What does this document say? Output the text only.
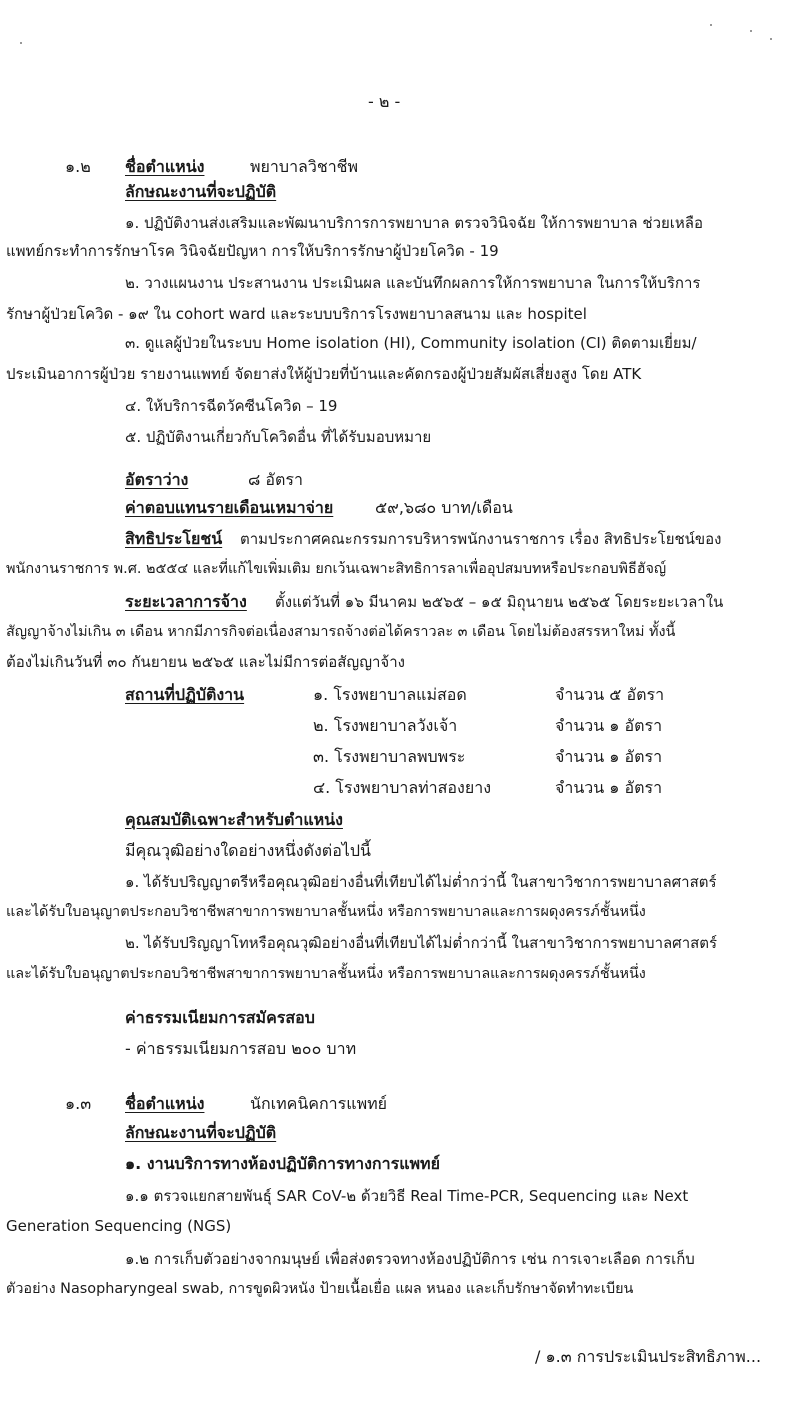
- ๒ -
๑.๒ ชื่อตำแหน่ง	พยาบาลวิชาชีพ
ลักษณะงานที่จะปฏิบัติ
๑. ปฏิบัติงานส่งเสริมและพัฒนาบริการการพยาบาล ตรวจวินิจฉัย ให้การพยาบาล ช่วยเหลือ
แพทย์กระทำการรักษาโรค วินิจฉัยปัญหา การให้บริการรักษาผู้ป่วยโควิด - 19
๒. วางแผนงาน ประสานงาน ประเมินผล และบันทึกผลการให้การพยาบาล ในการให้บริการ
รักษาผู้ป่วยโควิด - ๑๙ ใน cohort ward และระบบบริการโรงพยาบาลสนาม และ hospitel
๓. ดูแลผู้ป่วยในระบบ Home isolation (HI), Community isolation (CI) ติดตามเยี่ยม/
ประเมินอาการผู้ป่วย รายงานแพทย์ จัดยาส่งให้ผู้ป่วยที่บ้านและคัดกรองผู้ป่วยสัมผัสเสี่ยงสูง โดย ATK
๔. ให้บริการฉีดวัคซีนโควิด – 19
๕. ปฏิบัติงานเกี่ยวกับโควิดอื่น ที่ได้รับมอบหมาย
อัตราว่าง	๘ อัตรา
ค่าตอบแทนรายเดือนเหมาจ่าย	๕๙,๖๘๐ บาท/เดือน
สิทธิประโยชน์ ตามประกาศคณะกรรมการบริหารพนักงานราชการ เรื่อง สิทธิประโยชน์ของ
พนักงานราชการ พ.ศ. ๒๕๕๔ และที่แก้ไขเพิ่มเติม ยกเว้นเฉพาะสิทธิการลาเพื่ออุปสมบทหรือประกอบพิธีฮัจญ์
ระยะเวลาการจ้าง ตั้งแต่วันที่ ๑๖ มีนาคม ๒๕๖๕ – ๑๕ มิถุนายน ๒๕๖๕ โดยระยะเวลาใน
สัญญาจ้างไม่เกิน ๓ เดือน หากมีภารกิจต่อเนื่องสามารถจ้างต่อได้คราวละ ๓ เดือน โดยไม่ต้องสรรหาใหม่ ทั้งนี้
ต้องไม่เกินวันที่ ๓๐ กันยายน ๒๕๖๕ และไม่มีการต่อสัญญาจ้าง
สถานที่ปฏิบัติงาน	๑. โรงพยาบาลแม่สอด	จำนวน ๕ อัตรา
๒. โรงพยาบาลวังเจ้า	จำนวน ๑ อัตรา
๓. โรงพยาบาลพบพระ	จำนวน ๑ อัตรา
๔. โรงพยาบาลท่าสองยาง	จำนวน ๑ อัตรา
คุณสมบัติเฉพาะสำหรับตำแหน่ง
มีคุณวุฒิอย่างใดอย่างหนึ่งดังต่อไปนี้
๑. ได้รับปริญญาตรีหรือคุณวุฒิอย่างอื่นที่เทียบได้ไม่ต่ำกว่านี้ ในสาขาวิชาการพยาบาลศาสตร์
และได้รับใบอนุญาตประกอบวิชาชีพสาขาการพยาบาลชั้นหนึ่ง หรือการพยาบาลและการผดุงครรภ์ชั้นหนึ่ง
๒. ได้รับปริญญาโทหรือคุณวุฒิอย่างอื่นที่เทียบได้ไม่ต่ำกว่านี้ ในสาขาวิชาการพยาบาลศาสตร์
และได้รับใบอนุญาตประกอบวิชาชีพสาขาการพยาบาลชั้นหนึ่ง หรือการพยาบาลและการผดุงครรภ์ชั้นหนึ่ง
ค่าธรรมเนียมการสมัครสอบ
- ค่าธรรมเนียมการสอบ ๒๐๐ บาท
๑.๓ ชื่อตำแหน่ง	นักเทคนิคการแพทย์
ลักษณะงานที่จะปฏิบัติ
๑. งานบริการทางห้องปฏิบัติการทางการแพทย์
๑.๑ ตรวจแยกสายพันธุ์ SAR CoV-๒ ด้วยวิธี Real Time-PCR, Sequencing และ Next
Generation Sequencing (NGS)
๑.๒ การเก็บตัวอย่างจากมนุษย์ เพื่อส่งตรวจทางห้องปฏิบัติการ เช่น การเจาะเลือด การเก็บ
ตัวอย่าง Nasopharyngeal swab, การขูดผิวหนัง ป้ายเนื้อเยื่อ แผล หนอง และเก็บรักษาจัดทำทะเบียน
/ ๑.๓ การประเมินประสิทธิภาพ...
